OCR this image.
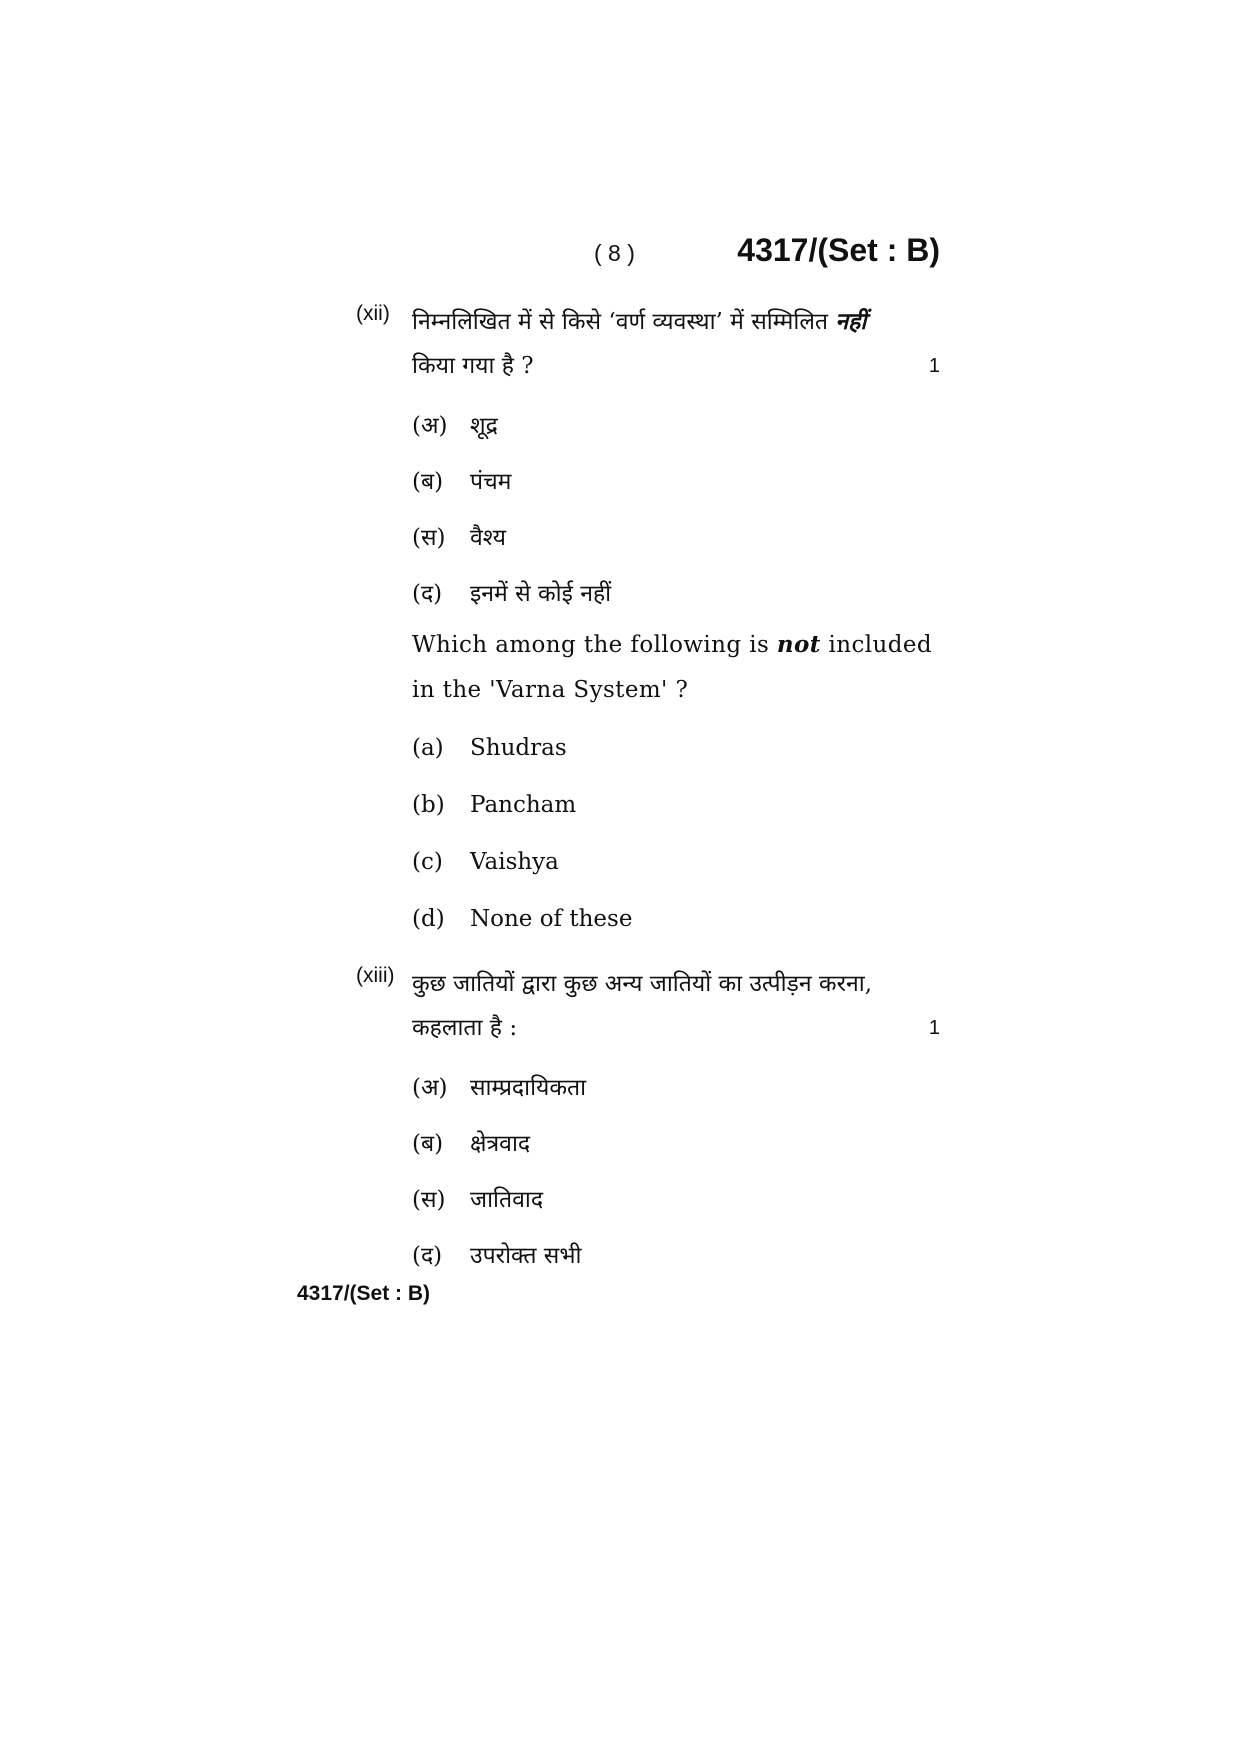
( 8 )	4317/(Set : B)
(xii) निम्नलिखित में से किसे ‘वर्ण व्यवस्था’ में सम्मिलित नहीं
किया गया है ?	1
(अ) शूद्र
(ब)	पंचम
(स)	वैश्य
(द)	इनमें से कोई नहीं
Which among the following is not included in the 'Varna System' ?
(a)	Shudras
(b)	Pancham
(c)	Vaishya
(d)	None of these
(xiii) कुछ जातियों द्वारा कुछ अन्य जातियों का उत्पीड़न करना,
कहलाता है :	1
(अ) साम्प्रदायिकता
(ब)	क्षेत्रवाद
(स)	जातिवाद
(द)	उपरोक्त सभी
4317/(Set : B)
